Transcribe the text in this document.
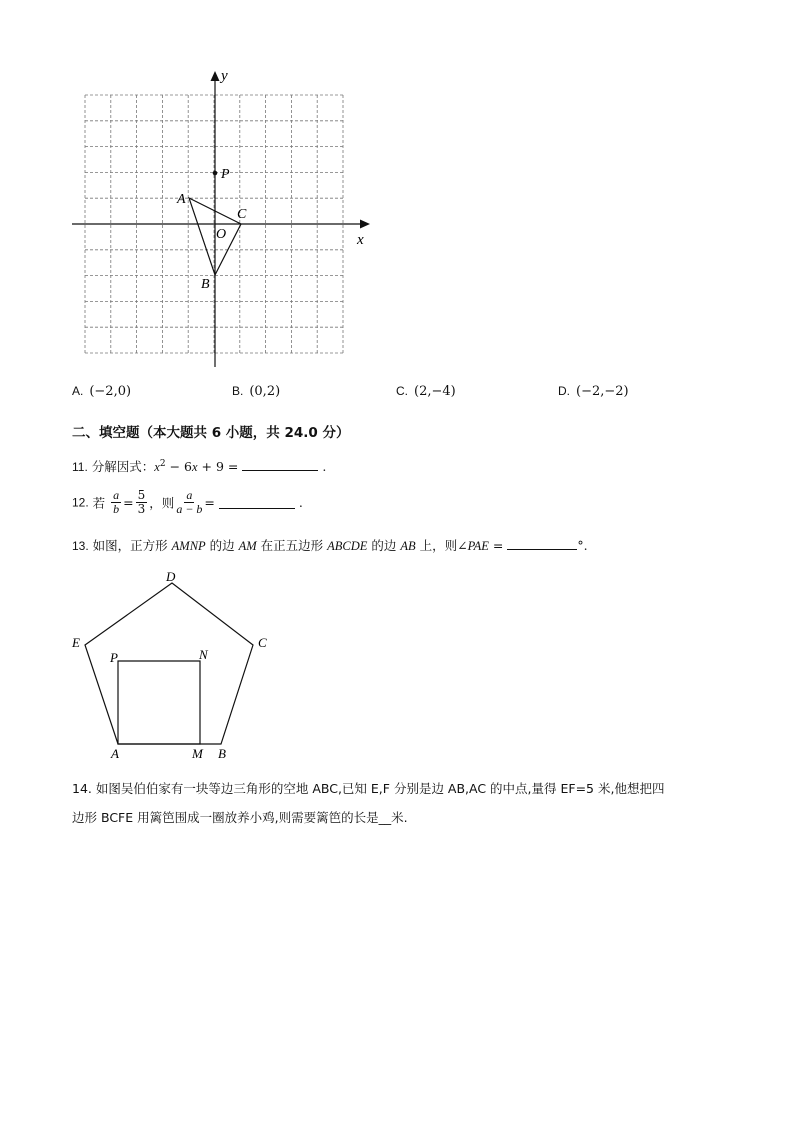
y
x
O
P
A
C
B
A. (−2,0)	B. (0,2)	C. (2,−4)	D. (−2,−2)
二、填空题（本大题共 6 小题，共 24.0 分）
11. 分解因式：$x^2 - 6x + 9$ =	.
12. 若 $\frac{a}{b} = \frac{5}{3}$ ，则 $\frac{a}{a - b}$ =	.
13. 如图，正方形 AMNP 的边 AM 在正五边形 ABCDE 的边 AB 上，则∠PAE =	°.
D
E	C
P	N
A	M B
14. 如图吴伯伯家有一块等边三角形的空地 ABC,已知 E,F 分别是边 AB,AC 的中点,量得 EF=5 米,他想把四
边形 BCFE 用篱笆围成一圈放养小鸡,则需要篱笆的长是__米.
